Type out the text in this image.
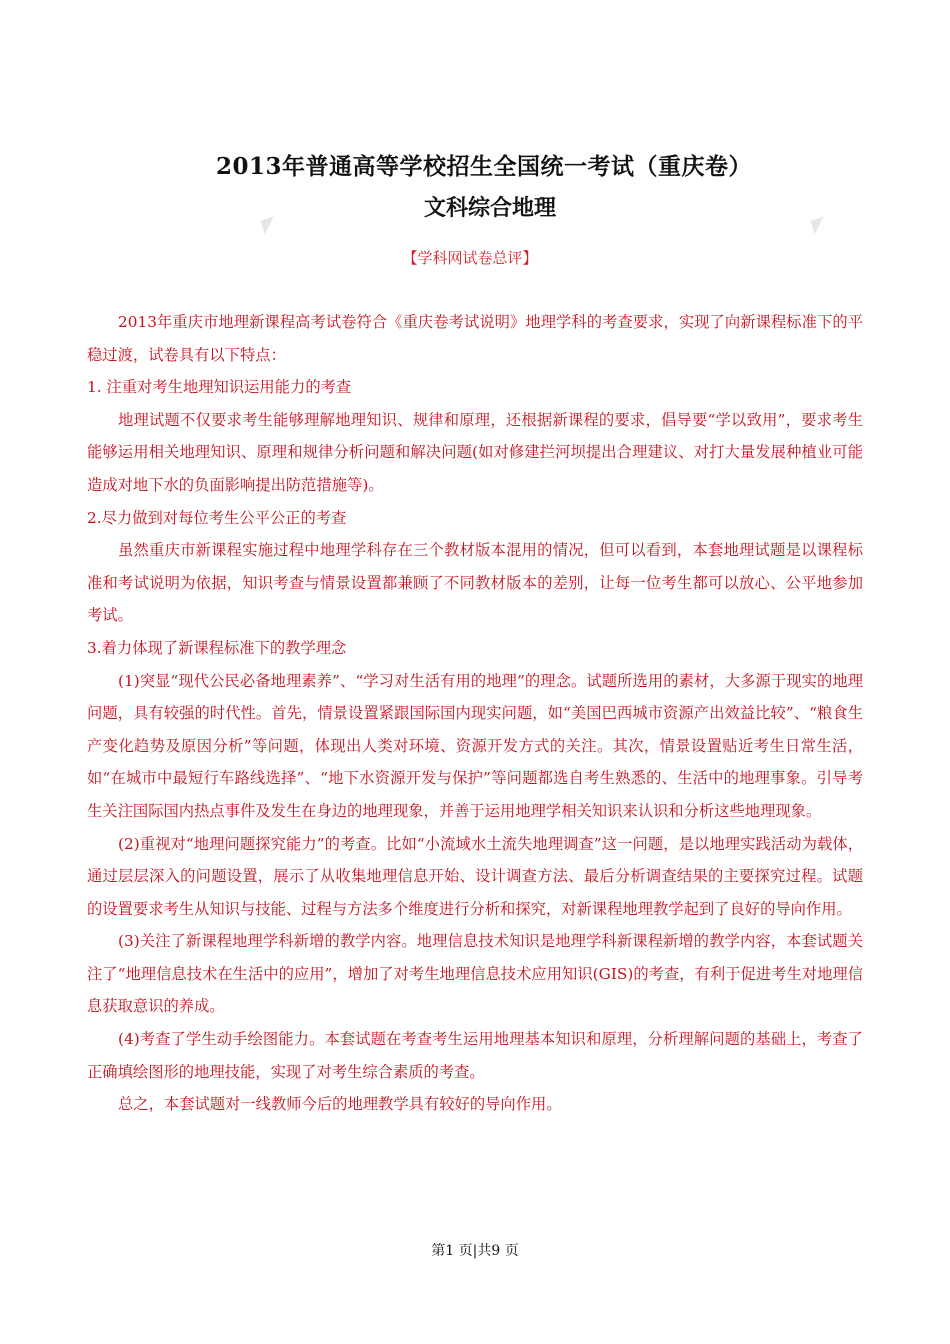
◤	◤
2013年普通高等学校招生全国统一考试（重庆卷）
文科综合地理
【学科网试卷总评】

2013年重庆市地理新课程高考试卷符合《重庆卷考试说明》地理学科的考查要求，实现了向新课程标准下的平稳过渡，试卷具有以下特点：

1. 注重对考生地理知识运用能力的考查

地理试题不仅要求考生能够理解地理知识、规律和原理，还根据新课程的要求，倡导要“学以致用”，要求考生能够运用相关地理知识、原理和规律分析问题和解决问题(如对修建拦河坝提出合理建议、对打大量发展种植业可能造成对地下水的负面影响提出防范措施等)。

2.尽力做到对每位考生公平公正的考查

虽然重庆市新课程实施过程中地理学科存在三个教材版本混用的情况，但可以看到，本套地理试题是以课程标准和考试说明为依据，知识考查与情景设置都兼顾了不同教材版本的差别，让每一位考生都可以放心、公平地参加考试。

3.着力体现了新课程标准下的教学理念

(1)突显“现代公民必备地理素养”、“学习对生活有用的地理”的理念。试题所选用的素材，大多源于现实的地理问题，具有较强的时代性。首先，情景设置紧跟国际国内现实问题，如“美国巴西城市资源产出效益比较”、“粮食生产变化趋势及原因分析”等问题，体现出人类对环境、资源开发方式的关注。其次，情景设置贴近考生日常生活，如“在城市中最短行车路线选择”、“地下水资源开发与保护”等问题都选自考生熟悉的、生活中的地理事象。引导考生关注国际国内热点事件及发生在身边的地理现象，并善于运用地理学相关知识来认识和分析这些地理现象。

(2)重视对“地理问题探究能力”的考查。比如“小流域水土流失地理调查”这一问题，是以地理实践活动为载体，通过层层深入的问题设置，展示了从收集地理信息开始、设计调查方法、最后分析调查结果的主要探究过程。试题的设置要求考生从知识与技能、过程与方法多个维度进行分析和探究，对新课程地理教学起到了良好的导向作用。

(3)关注了新课程地理学科新增的教学内容。地理信息技术知识是地理学科新课程新增的教学内容，本套试题关注了“地理信息技术在生活中的应用”，增加了对考生地理信息技术应用知识(GIS)的考查，有利于促进考生对地理信息获取意识的养成。

(4)考查了学生动手绘图能力。本套试题在考查考生运用地理基本知识和原理，分析理解问题的基础上，考查了正确填绘图形的地理技能，实现了对考生综合素质的考查。

总之，本套试题对一线教师今后的地理教学具有较好的导向作用。

第1 页|共9 页
